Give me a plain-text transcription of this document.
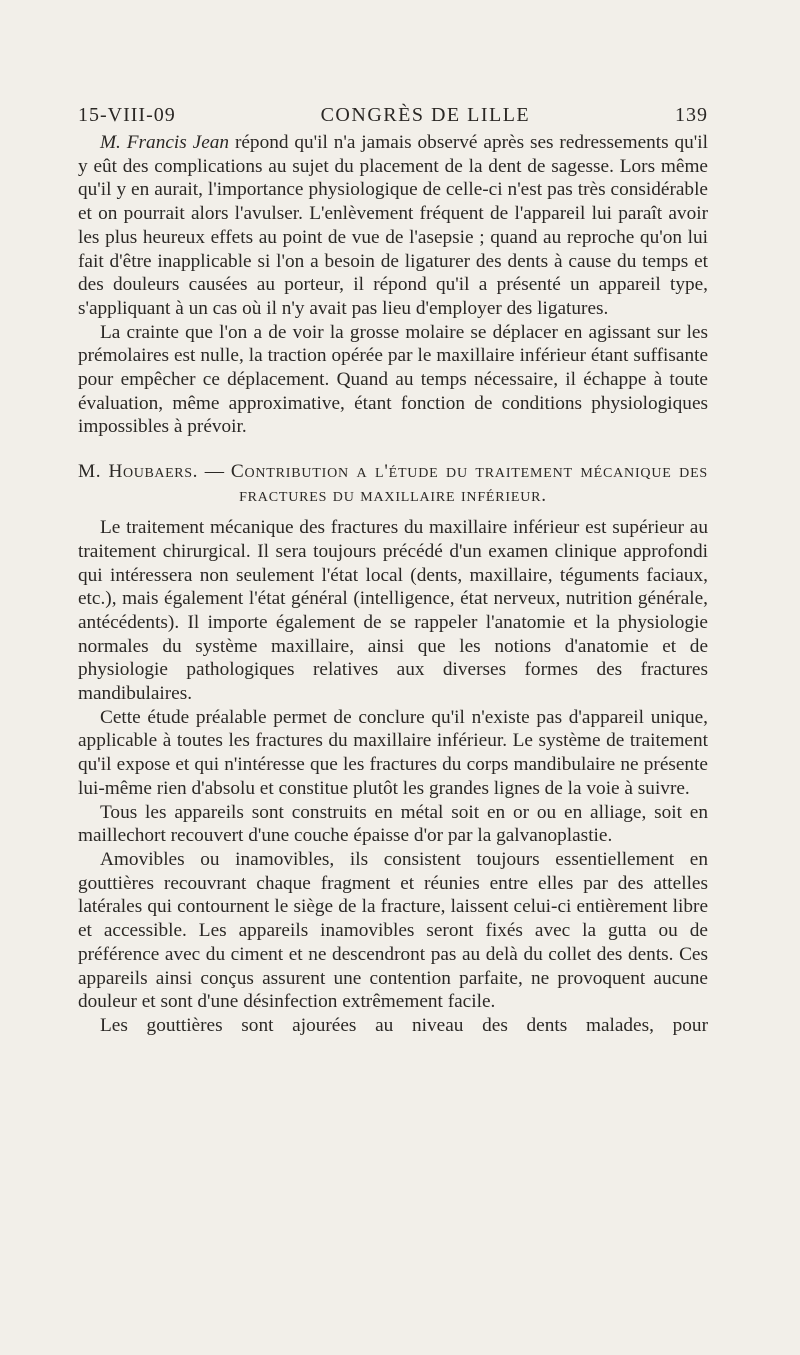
15-VIII-09	CONGRÈS DE LILLE	139

M. Francis Jean répond qu'il n'a jamais observé après ses redressements qu'il y eût des complications au sujet du placement de la dent de sagesse. Lors même qu'il y en aurait, l'importance physiologique de celle-ci n'est pas très considérable et on pourrait alors l'avulser. L'enlèvement fréquent de l'appareil lui paraît avoir les plus heureux effets au point de vue de l'asepsie ; quand au reproche qu'on lui fait d'être inapplicable si l'on a besoin de ligaturer des dents à cause du temps et des douleurs causées au porteur, il répond qu'il a présenté un appareil type, s'appliquant à un cas où il n'y avait pas lieu d'employer des ligatures.

La crainte que l'on a de voir la grosse molaire se déplacer en agissant sur les prémolaires est nulle, la traction opérée par le maxillaire inférieur étant suffisante pour empêcher ce déplacement. Quand au temps nécessaire, il échappe à toute évaluation, même approximative, étant fonction de conditions physiologiques impossibles à prévoir.

M. Houbaers. — Contribution a l'étude du traitement mécanique des fractures du maxillaire inférieur.

Le traitement mécanique des fractures du maxillaire inférieur est supérieur au traitement chirurgical. Il sera toujours précédé d'un examen clinique approfondi qui intéressera non seulement l'état local (dents, maxillaire, téguments faciaux, etc.), mais également l'état général (intelligence, état nerveux, nutrition générale, antécédents). Il importe également de se rappeler l'anatomie et la physiologie normales du système maxillaire, ainsi que les notions d'anatomie et de physiologie pathologiques relatives aux diverses formes des fractures mandibulaires.

Cette étude préalable permet de conclure qu'il n'existe pas d'appareil unique, applicable à toutes les fractures du maxillaire inférieur. Le système de traitement qu'il expose et qui n'intéresse que les fractures du corps mandibulaire ne présente lui-même rien d'absolu et constitue plutôt les grandes lignes de la voie à suivre.

Tous les appareils sont construits en métal soit en or ou en alliage, soit en maillechort recouvert d'une couche épaisse d'or par la galvanoplastie.

Amovibles ou inamovibles, ils consistent toujours essentiellement en gouttières recouvrant chaque fragment et réunies entre elles par des attelles latérales qui contournent le siège de la fracture, laissent celui-ci entièrement libre et accessible. Les appareils inamovibles seront fixés avec la gutta ou de préférence avec du ciment et ne descendront pas au delà du collet des dents. Ces appareils ainsi conçus assurent une contention parfaite, ne provoquent aucune douleur et sont d'une désinfection extrêmement facile.

Les gouttières sont ajourées au niveau des dents malades, pour
